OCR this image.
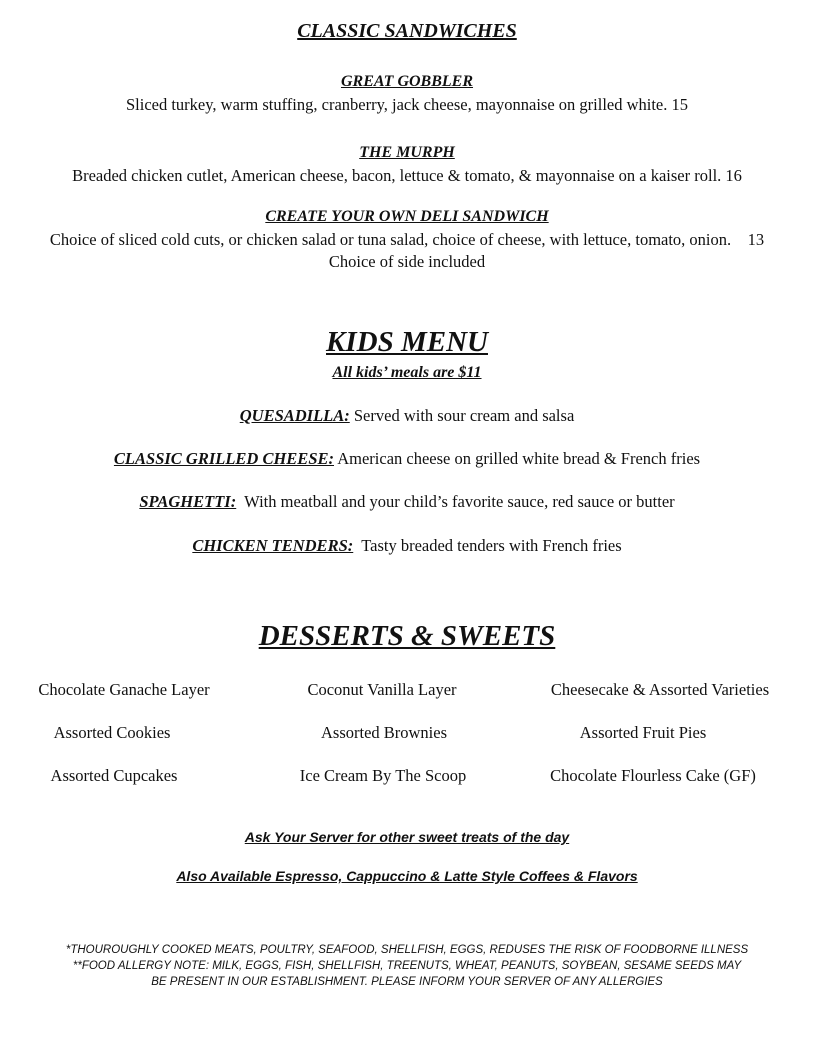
CLASSIC SANDWICHES
GREAT GOBBLER
Sliced turkey, warm stuffing, cranberry, jack cheese, mayonnaise on grilled white. 15
THE MURPH
Breaded chicken cutlet, American cheese, bacon, lettuce & tomato, & mayonnaise on a kaiser roll. 16
CREATE YOUR OWN DELI SANDWICH
Choice of sliced cold cuts, or chicken salad or tuna salad, choice of cheese, with lettuce, tomato, onion.    13
Choice of side included
KIDS MENU
All kids’ meals are $11
QUESADILLA: Served with sour cream and salsa
CLASSIC GRILLED CHEESE: American cheese on grilled white bread & French fries
SPAGHETTI:  With meatball and your child’s favorite sauce, red sauce or butter
CHICKEN TENDERS:  Tasty breaded tenders with French fries
DESSERTS & SWEETS
Chocolate Ganache Layer	Coconut Vanilla Layer	Cheesecake & Assorted Varieties
Assorted Cookies	Assorted Brownies	Assorted Fruit Pies
Assorted Cupcakes	Ice Cream By The Scoop	Chocolate Flourless Cake (GF)
Ask Your Server for other sweet treats of the day
Also Available Espresso, Cappuccino & Latte Style Coffees & Flavors
*THOUROUGHLY COOKED MEATS, POULTRY, SEAFOOD, SHELLFISH, EGGS, REDUSES THE RISK OF FOODBORNE ILLNESS
**FOOD ALLERGY NOTE: MILK, EGGS, FISH, SHELLFISH, TREENUTS, WHEAT, PEANUTS, SOYBEAN, SESAME SEEDS MAY
BE PRESENT IN OUR ESTABLISHMENT. PLEASE INFORM YOUR SERVER OF ANY ALLERGIES
